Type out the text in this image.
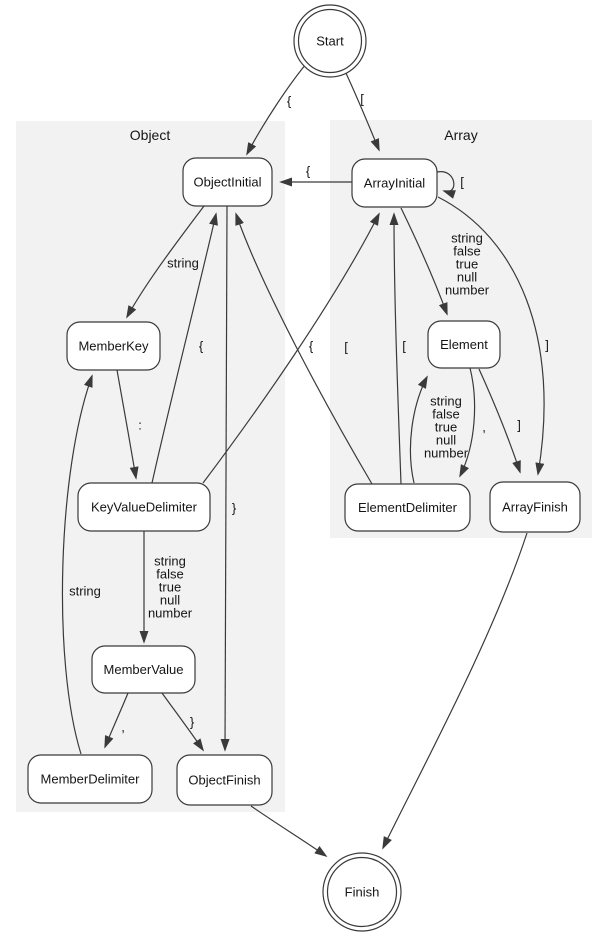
Object	Array
{	[
{
[
string false true null number
]
string
}
:
string false true null number
{	[
,	}
string
, ]
string false true null number
{	[
Start
ObjectInitial	ArrayInitial
MemberKey	Element
KeyValueDelimiter	ElementDelimiter	ArrayFinish
MemberValue
MemberDelimiter	ObjectFinish
Finish
